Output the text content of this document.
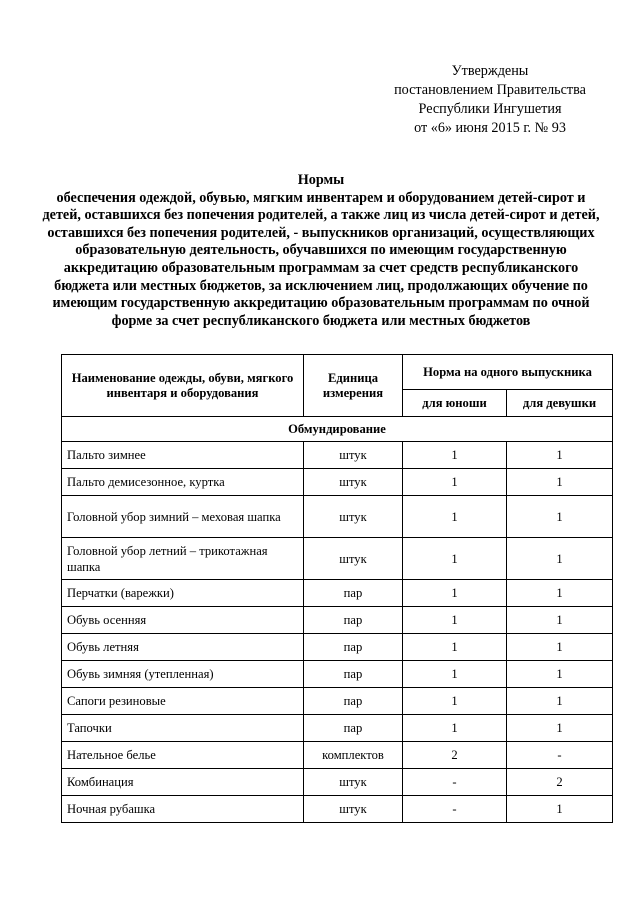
Утверждены
постановлением Правительства
Республики Ингушетия
от «6» июня 2015 г. № 93
Нормы
обеспечения одеждой, обувью, мягким инвентарем и оборудованием детей-сирот и детей, оставшихся без попечения родителей, а также лиц из числа детей-сирот и детей, оставшихся без попечения родителей, - выпускников организаций, осуществляющих образовательную деятельность, обучавшихся по имеющим государственную аккредитацию образовательным программам за счет средств республиканского бюджета или местных бюджетов, за исключением лиц, продолжающих обучение по имеющим государственную аккредитацию образовательным программам по очной форме за счет республиканского бюджета или местных бюджетов
Наименование одежды, обуви, мягкого инвентаря и оборудования	Единица измерения	Норма на одного выпускника	
		для юноши	для девушки
Обмундирование			
Пальто зимнее	штук	1	1
Пальто демисезонное, куртка	штук	1	1
Головной убор зимний – меховая шапка	штук	1	1
Головной убор летний – трикотажная шапка	штук	1	1
Перчатки (варежки)	пар	1	1
Обувь осенняя	пар	1	1
Обувь летняя	пар	1	1
Обувь зимняя (утепленная)	пар	1	1
Сапоги резиновые	пар	1	1
Тапочки	пар	1	1
Нательное белье	комплектов	2	-
Комбинация	штук	-	2
Ночная рубашка	штук	-	1
